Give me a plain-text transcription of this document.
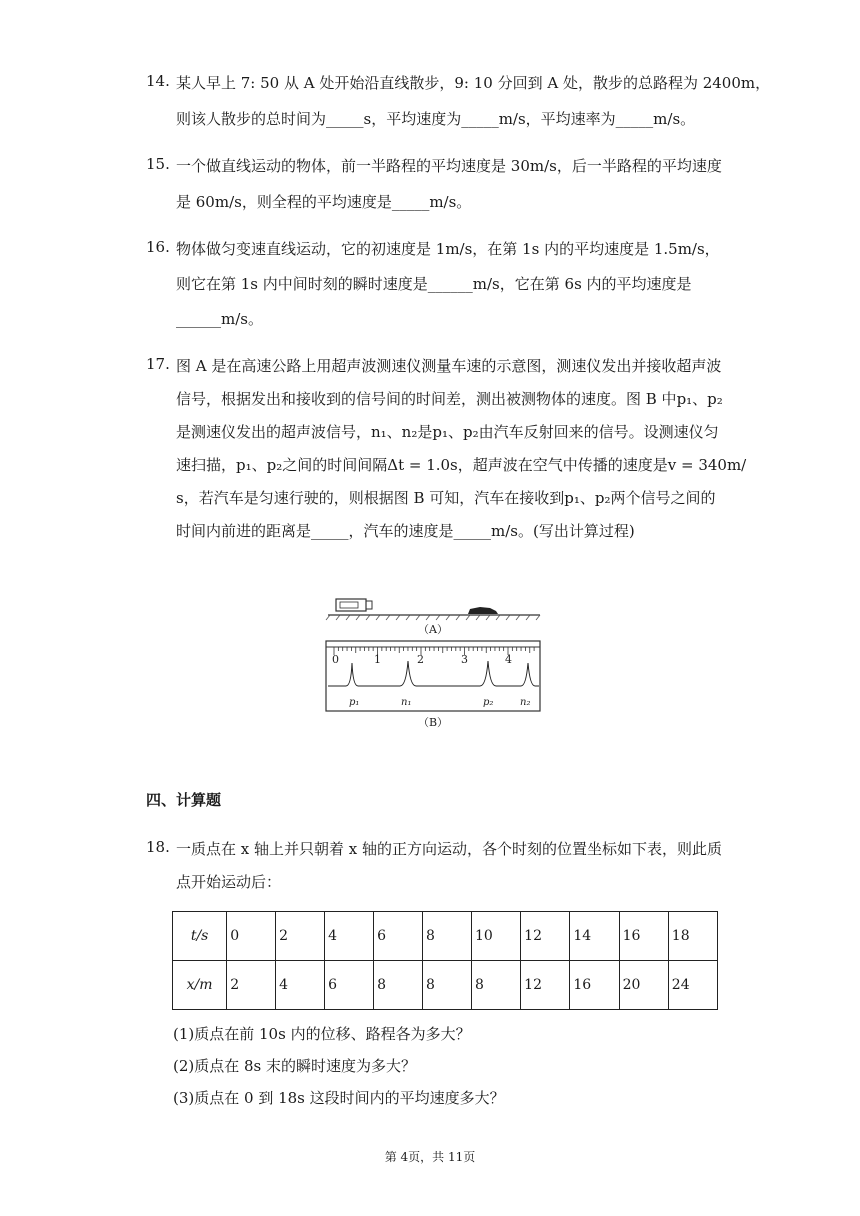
14. 某人早上 7: 50 从 A 处开始沿直线散步，9: 10 分回到 A 处，散步的总路程为 2400m，
则该人散步的总时间为_____s，平均速度为_____m/s，平均速率为_____m/s。
15. 一个做直线运动的物体，前一半路程的平均速度是 30m/s，后一半路程的平均速度
是 60m/s，则全程的平均速度是_____m/s。
16. 物体做匀变速直线运动，它的初速度是 1m/s，在第 1s 内的平均速度是 1.5m/s，
则它在第 1s 内中间时刻的瞬时速度是______m/s，它在第 6s 内的平均速度是
______m/s。
17. 图 A 是在高速公路上用超声波测速仪测量车速的示意图，测速仪发出并接收超声波
信号，根据发出和接收到的信号间的时间差，测出被测物体的速度。图 B 中p₁、p₂
是测速仪发出的超声波信号，n₁、n₂是p₁、p₂由汽车反射回来的信号。设测速仪匀
速扫描，p₁、p₂之间的时间间隔Δt = 1.0s，超声波在空气中传播的速度是v = 340m/
s，若汽车是匀速行驶的，则根据图 B 可知，汽车在接收到p₁、p₂两个信号之间的
时间内前进的距离是_____，汽车的速度是_____m/s。(写出计算过程)
（A）
0	1	2	3	4
p₁	n₁	p₂	n₂
（B）
四、计算题
18. 一质点在 x 轴上并只朝着 x 轴的正方向运动，各个时刻的位置坐标如下表，则此质
点开始运动后：
t/s	0	2	4	6	8	10	12	14	16	18
x/m	2	4	6	8	8	8	12	16	20	24
(1)质点在前 10s 内的位移、路程各为多大？
(2)质点在 8s 末的瞬时速度为多大？
(3)质点在 0 到 18s 这段时间内的平均速度多大？
第 4页，共 11页
